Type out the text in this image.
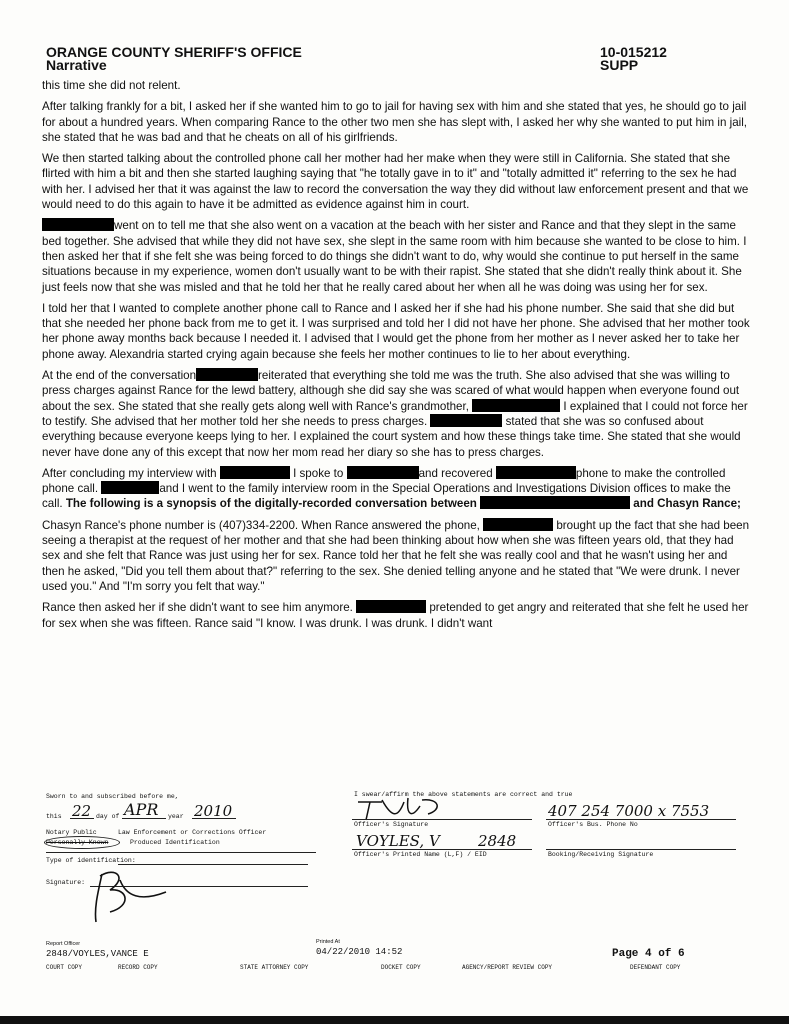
ORANGE COUNTY SHERIFF'S OFFICE
Narrative
10-015212
SUPP

this time she did not relent.

After talking frankly for a bit, I asked her if she wanted him to go to jail for having sex with him and she stated that yes, he should go to jail for about a hundred years. When comparing Rance to the other two men she has slept with, I asked her why she wanted to put him in jail, she stated that he was bad and that he cheats on all of his girlfriends.

We then started talking about the controlled phone call her mother had her make when they were still in California. She stated that she flirted with him a bit and then she started laughing saying that "he totally gave in to it" and "totally admitted it" referring to the sex he had with her. I advised her that it was against the law to record the conversation the way they did without law enforcement present and that we would need to do this again to have it be admitted as evidence against him in court.

went on to tell me that she also went on a vacation at the beach with her sister and Rance and that they slept in the same bed together. She advised that while they did not have sex, she slept in the same room with him because she wanted to be close to him. I then asked her that if she felt she was being forced to do things she didn't want to do, why would she continue to put herself in the same situations because in my experience, women don't usually want to be with their rapist. She stated that she didn't really think about it. She just feels now that she was misled and that he told her that he really cared about her when all he was doing was using her for sex.

I told her that I wanted to complete another phone call to Rance and I asked her if she had his phone number. She said that she did but that she needed her phone back from me to get it. I was surprised and told her I did not have her phone. She advised that her mother took her phone away months back because I needed it. I advised that I would get the phone from her mother as I never asked her to take her phone away. Alexandria started crying again because she feels her mother continues to lie to her about everything.

At the end of the conversation	reiterated that everything she told me was the truth. She also advised that she was willing to press charges against Rance for the lewd battery, although she did say she was scared of what would happen when everyone found out about the sex. She stated that she really gets along well with Rance's grandmother,	I explained that I could not force her to testify. She advised that her mother told her she needs to press charges.	stated that she was so confused about everything because everyone keeps lying to her. I explained the court system and how these things take time. She stated that she would never have done any of this except that now her mom read her diary so she has to press charges.

After concluding my interview with	I spoke to	and recovered	phone to make the controlled phone call.	and I went to the family interview room in the Special Operations and Investigations Division offices to make the call. The following is a synopsis of the digitally-recorded conversation between	and Chasyn Rance;

Chasyn Rance's phone number is (407)334-2200. When Rance answered the phone,	brought up the fact that she had been seeing a therapist at the request of her mother and that she had been thinking about how when she was fifteen years old, that they had sex and she felt that Rance was just using her for sex. Rance told her that he felt she was really cool and that he wasn't using her and then he asked, "Did you tell them about that?" referring to the sex. She denied telling anyone and he stated that "We were drunk. I never used you." And "I'm sorry you felt that way."

Rance then asked her if she didn't want to see him anymore.	pretended to get angry and reiterated that she felt he used her for sex when she was fifteen. Rance said "I know. I was drunk. I was drunk. I didn't want

Sworn to and subscribed before me,
this 22 day of APR year 2010
Notary Public	Law Enforcement or Corrections Officer
Personally Known	Produced Identification
Type of identification:
Signature:
I swear/affirm the above statements are correct and true
Officer's Signature
407 254 7000 x 7553
Officer's Bus. Phone No
VOYLES, V	2848
Officer's Printed Name (L,F) / EID	Booking/Receiving Signature
Report Officer
2848/VOYLES,VANCE E
Printed At
04/22/2010 14:52	Page 4 of 6
COURT COPY	RECORD COPY	STATE ATTORNEY COPY	DOCKET COPY	AGENCY/REPORT REVIEW COPY	DEFENDANT COPY
